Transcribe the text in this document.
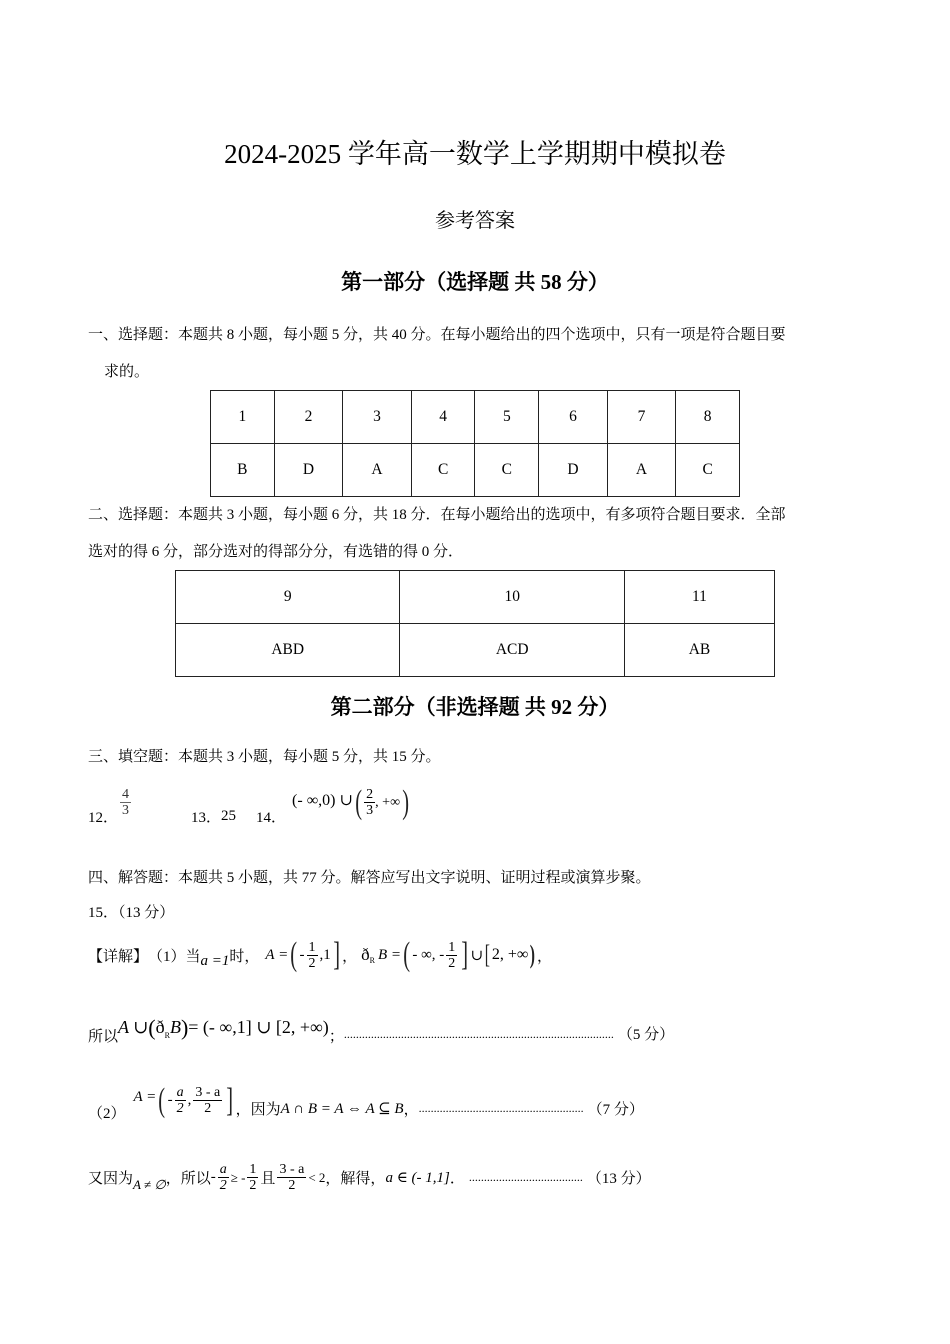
2024-2025 学年高一数学上学期期中模拟卷
参考答案
第一部分（选择题 共 58 分）
一、选择题：本题共 8 小题，每小题 5 分，共 40 分。在每小题给出的四个选项中，只有一项是符合题目要
求的。
1	2	3	4	5	6	7	8
B	D	A	C	C	D	A	C
二、选择题：本题共 3 小题，每小题 6 分，共 18 分．在每小题给出的选项中，有多项符合题目要求．全部
选对的得 6 分，部分选对的得部分分，有选错的得 0 分．
9	10	11
ABD	ACD	AB
第二部分（非选择题 共 92 分）
三、填空题：本题共 3 小题，每小题 5 分，共 15 分。
12． $\frac{4}{3}$	13． 25 14．
(- ∞,0) ∪ ( $\frac{2}{3}$ , +∞ )
四、解答题：本题共 5 小题，共 77 分。解答应写出文字说明、证明过程或演算步聚。
15．（13 分）
【详解】 （1）当 a =1 时， A = ( - $\frac{1}{2} ,1$ ] ， ð R B = ( - ∞, - $\frac{1}{2}$ ] ∪ [ 2, +∞ ) ，
所以 A ∪ ( ð R B ) = (- ∞,1] ∪ [2, +∞) ； .......................................................................................... （5 分）
（2）
A = ( - $\frac{a}{2}$ , $\frac{3 - a}{2}$ ] ，因为 A ∩ B = A ⇔ A ⊆ B ， ....................................................... （7 分）
又因为 A ≠ ∅ ，所以 - $\frac{a}{2}$ ≥ - $\frac{1}{2}$ 且 $\frac{3 - a}{2} < 2$ ，解得， a ∈ (- 1,1] ． ...................................... （13 分）
